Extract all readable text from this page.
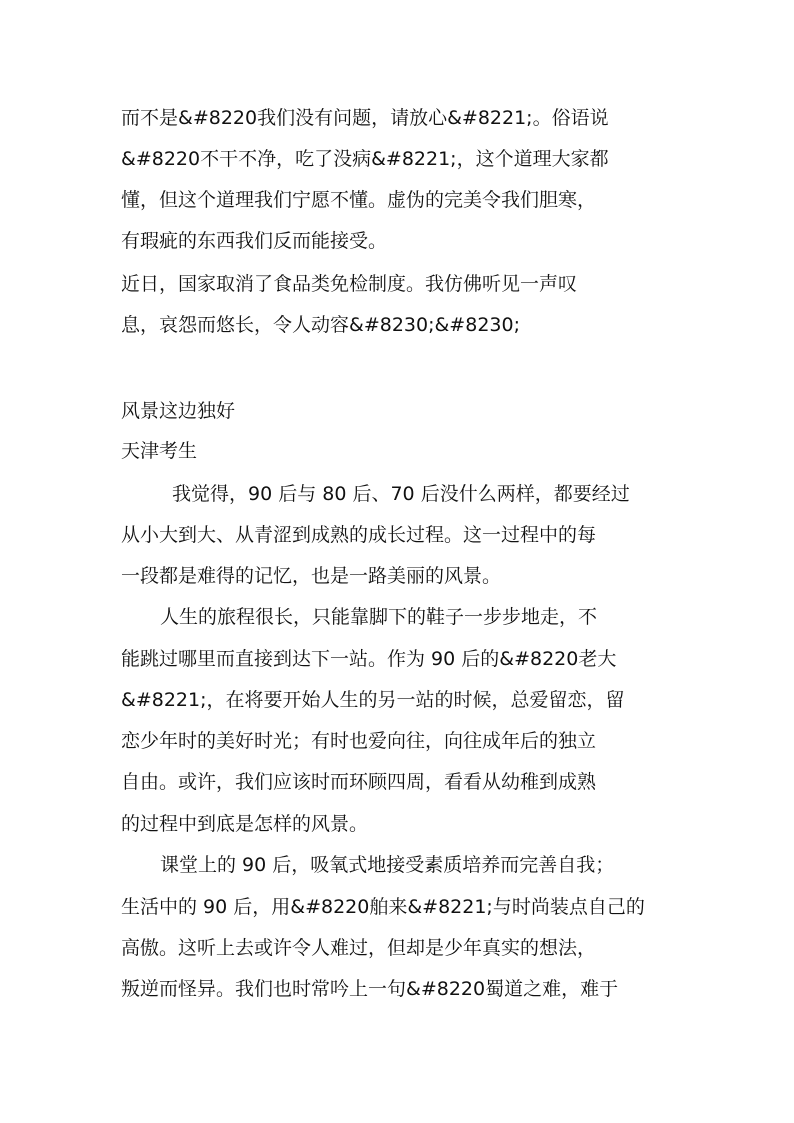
而不是&#8220我们没有问题，请放心&#8221;。俗语说
&#8220不干不净，吃了没病&#8221;，这个道理大家都
懂，但这个道理我们宁愿不懂。虚伪的完美令我们胆寒，
有瑕疵的东西我们反而能接受。
近日，国家取消了食品类免检制度。我仿佛听见一声叹
息，哀怨而悠长，令人动容&#8230;&#8230;
风景这边独好
天津考生
我觉得，90 后与 80 后、70 后没什么两样，都要经过
从小大到大、从青涩到成熟的成长过程。这一过程中的每
一段都是难得的记忆，也是一路美丽的风景。
人生的旅程很长，只能靠脚下的鞋子一步步地走，不
能跳过哪里而直接到达下一站。作为 90 后的&#8220老大
&#8221;，在将要开始人生的另一站的时候，总爱留恋，留
恋少年时的美好时光；有时也爱向往，向往成年后的独立
自由。或许，我们应该时而环顾四周，看看从幼稚到成熟
的过程中到底是怎样的风景。
课堂上的 90 后，吸氧式地接受素质培养而完善自我；
生活中的 90 后，用&#8220舶来&#8221;与时尚装点自己的
高傲。这听上去或许令人难过，但却是少年真实的想法，
叛逆而怪异。我们也时常吟上一句&#8220蜀道之难，难于
